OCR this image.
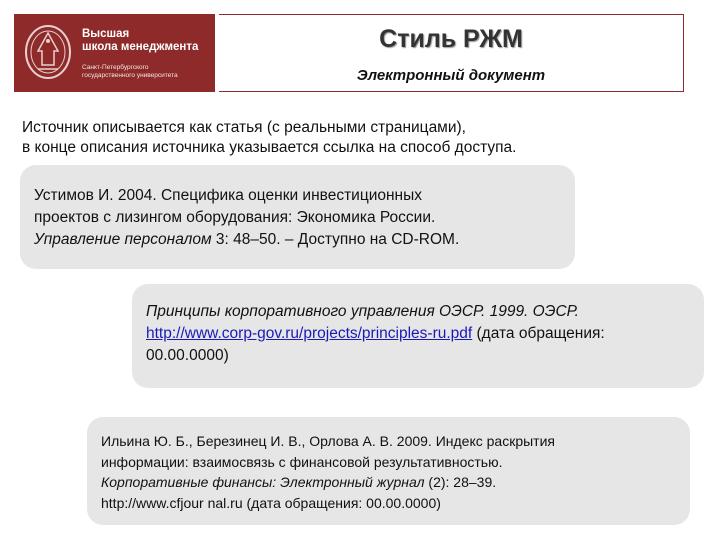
Высшая
школа менеджмента
Санкт-Петербургского
государственного университета
Стиль РЖМ
Электронный документ
Источник описывается как статья (с реальными страницами),
в конце описания источника указывается ссылка на способ доступа.
Устимов И. 2004. Специфика оценки инвестиционных
проектов с лизингом оборудования: Экономика России.
Управление персоналом 3: 48–50. – Доступно на CD-ROM.
Принципы корпоративного управления ОЭСР. 1999. ОЭСР.
http://www.corp-gov.ru/projects/principles-ru.pdf (дата обращения:
00.00.0000)
Ильина Ю. Б., Березинец И. В., Орлова А. В. 2009. Индекс раскрытия
информации: взаимосвязь с финансовой результативностью.
Корпоративные финансы: Электронный журнал (2): 28–39.
http://www.cfjour nal.ru (дата обращения: 00.00.0000)
